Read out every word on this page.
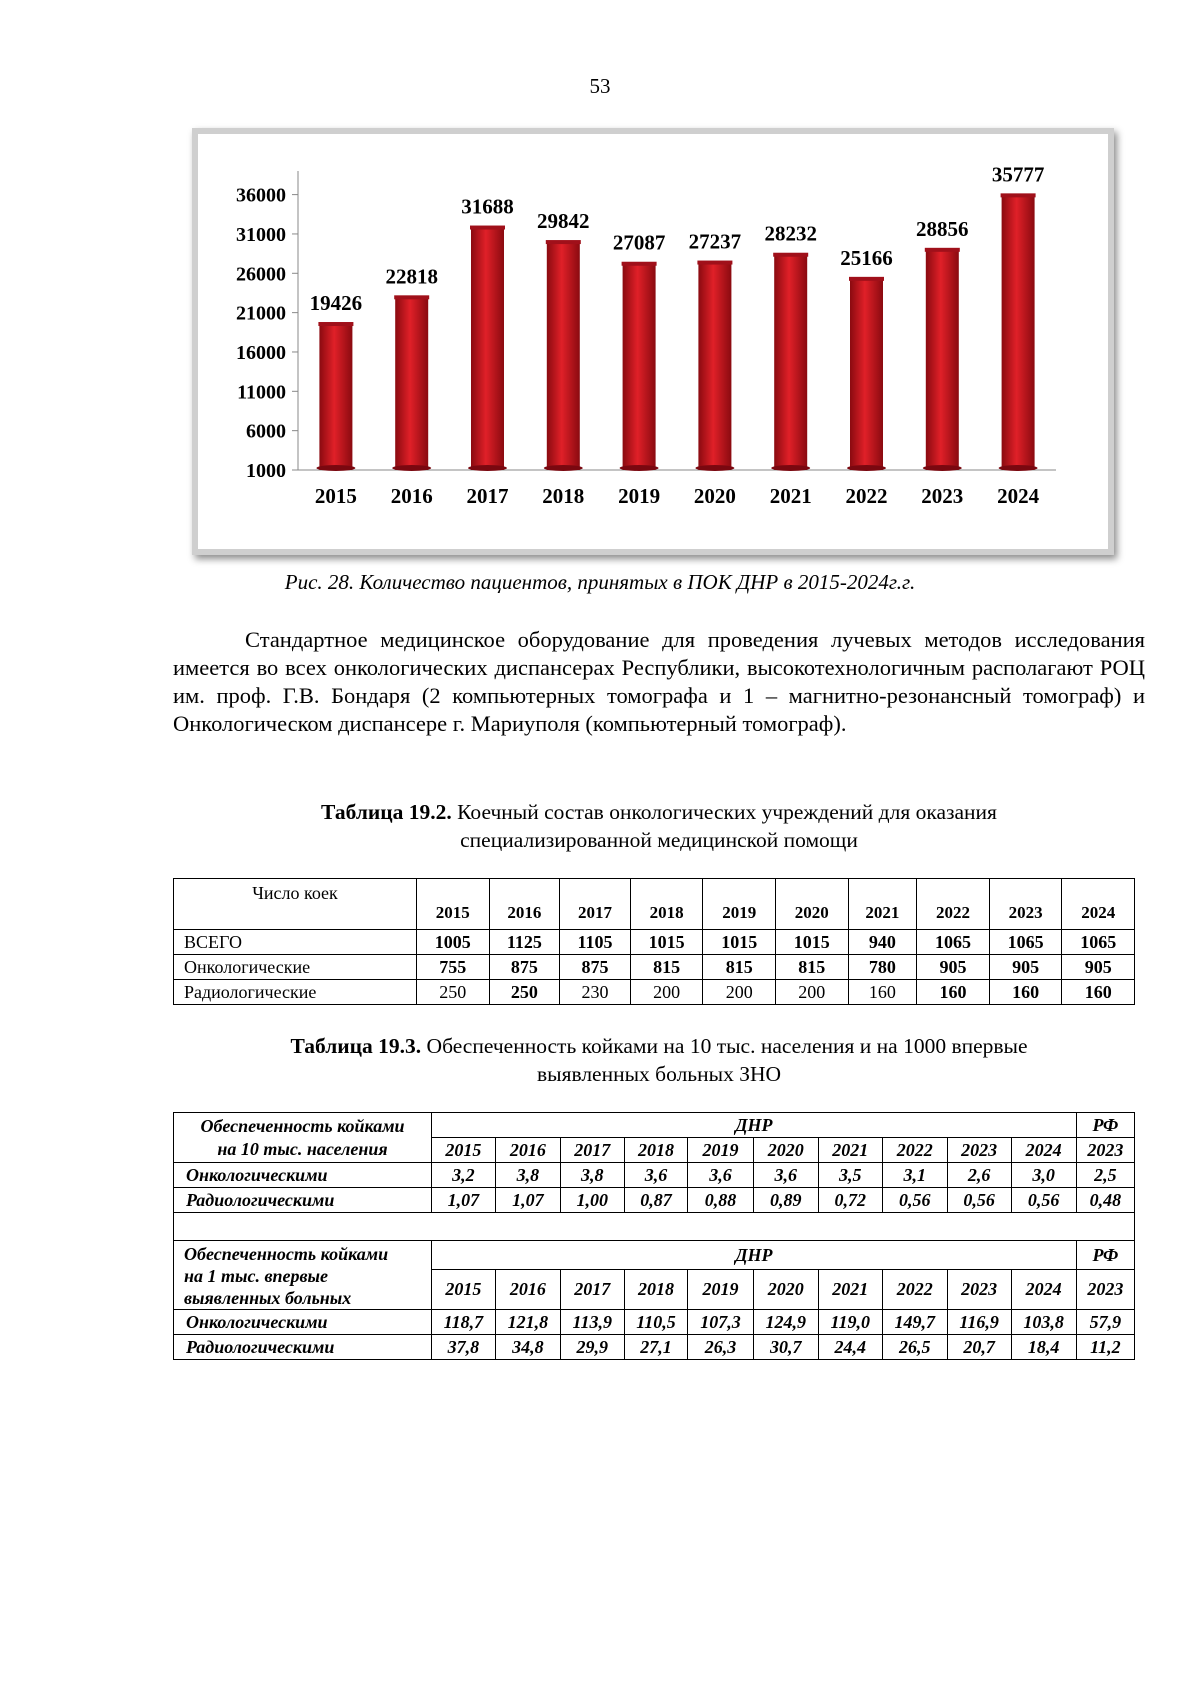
53
1000
6000
11000
16000
21000
26000
31000
36000
19426
2015
22818
2016
31688
2017
29842
2018
27087
2019
27237
2020
28232
2021
25166
2022
28856
2023
35777
2024
Рис. 28. Количество пациентов, принятых в ПОК ДНР в 2015-2024г.г.
Стандартное медицинское оборудование для проведения лучевых методов исследования имеется во всех онкологических диспансерах Республики, высокотехнологичным располагают РОЦ им. проф. Г.В. Бондаря (2 компьютерных томографа и 1 – магнитно-резонансный томограф) и Онкологическом диспансере г. Мариуполя (компьютерный томограф).
Таблица 19.2. Коечный состав онкологических учреждений для оказания
специализированной медицинской помощи
Число коек	2015	2016	2017	2018	2019	2020	2021	2022	2023	2024
ВСЕГО	1005	1125	1105	1015	1015	1015	940	1065	1065	1065
Онкологические	755	875	875	815	815	815	780	905	905	905
Радиологические	250	250	230	200	200	200	160	160	160	160
Таблица 19.3. Обеспеченность койками на 10 тыс. населения и на 1000 впервые
выявленных больных ЗНО
Обеспеченность койками
на 10 тыс. населения	ДНР										РФ
	2015	2016	2017	2018	2019	2020	2021	2022	2023	2024	2023
Онкологическими	3,2	3,8	3,8	3,6	3,6	3,6	3,5	3,1	2,6	3,0	2,5
Радиологическими	1,07	1,07	1,00	0,87	0,88	0,89	0,72	0,56	0,56	0,56	0,48

Обеспеченность койками
на 1 тыс. впервые
выявленных больных	ДНР										РФ
	2015	2016	2017	2018	2019	2020	2021	2022	2023	2024	2023
Онкологическими	118,7	121,8	113,9	110,5	107,3	124,9	119,0	149,7	116,9	103,8	57,9
Радиологическими	37,8	34,8	29,9	27,1	26,3	30,7	24,4	26,5	20,7	18,4	11,2
